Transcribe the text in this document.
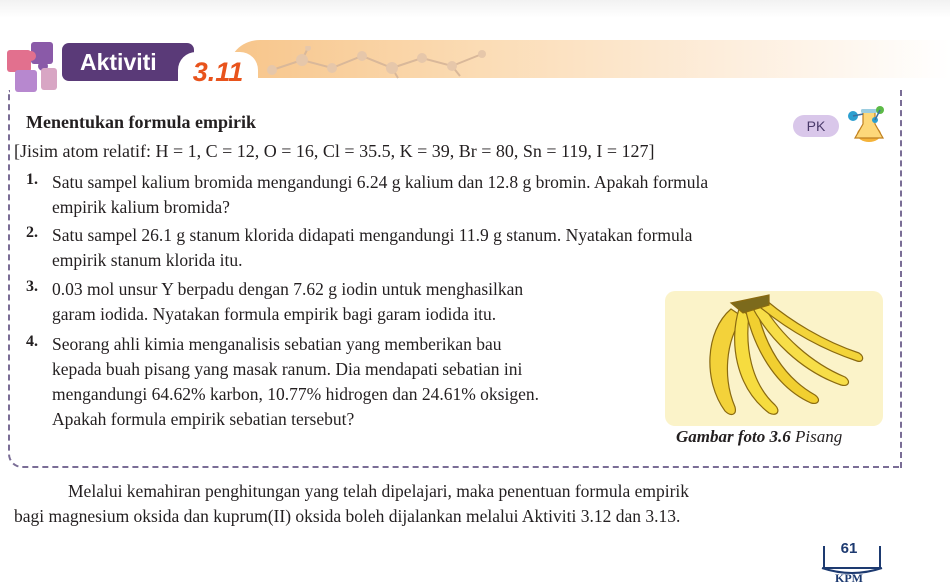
Aktiviti	3.11
Menentukan formula empirik	PK
[Jisim atom relatif: H = 1, C = 12, O = 16, Cl = 35.5, K = 39, Br = 80, Sn = 119, I = 127]
1. Satu sampel kalium bromida mengandungi 6.24 g kalium dan 12.8 g bromin. Apakah formula
empirik kalium bromida?
2. Satu sampel 26.1 g stanum klorida didapati mengandungi 11.9 g stanum. Nyatakan formula
empirik stanum klorida itu.
3. 0.03 mol unsur Y berpadu dengan 7.62 g iodin untuk menghasilkan
garam iodida. Nyatakan formula empirik bagi garam iodida itu.
4. Seorang ahli kimia menganalisis sebatian yang memberikan bau
kepada buah pisang yang masak ranum. Dia mendapati sebatian ini
mengandungi 64.62% karbon, 10.77% hidrogen dan 24.61% oksigen.
Apakah formula empirik sebatian tersebut?
Gambar foto 3.6 Pisang
Melalui kemahiran penghitungan yang telah dipelajari, maka penentuan formula empirik
bagi magnesium oksida dan kuprum(II) oksida boleh dijalankan melalui Aktiviti 3.12 dan 3.13.
61
KPM
